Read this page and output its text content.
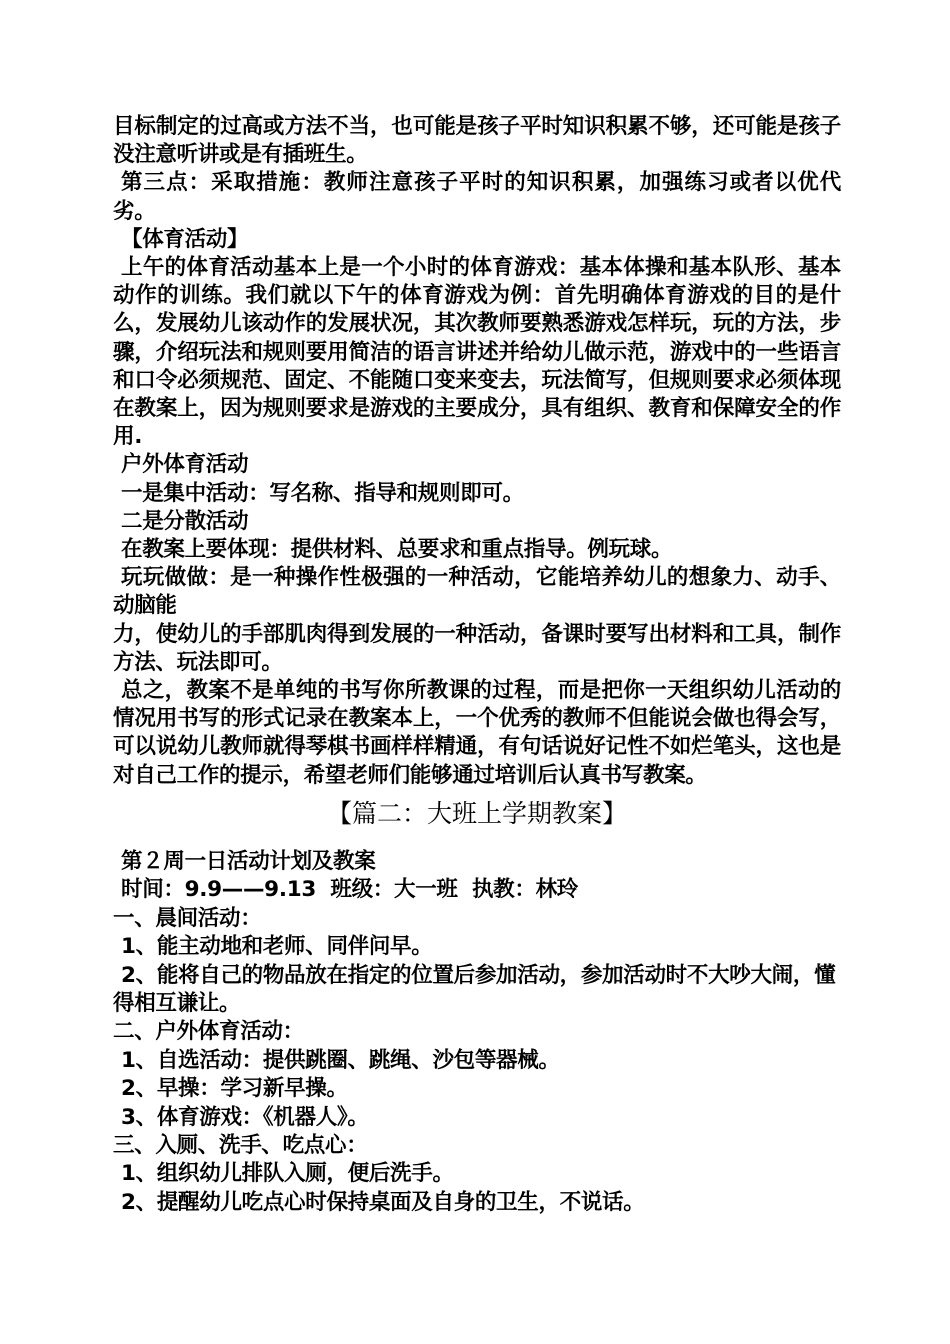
目标制定的过高或方法不当，也可能是孩子平时知识积累不够，还可能是孩子没注意听讲或是有插班生。

第三点：采取措施：教师注意孩子平时的知识积累，加强练习或者以优代劣。

【体育活动】

上午的体育活动基本上是一个小时的体育游戏：基本体操和基本队形、基本动作的训练。我们就以下午的体育游戏为例：首先明确体育游戏的目的是什么，发展幼儿该动作的发展状况，其次教师要熟悉游戏怎样玩，玩的方法，步骤，介绍玩法和规则要用简洁的语言讲述并给幼儿做示范，游戏中的一些语言和口令必须规范、固定、不能随口变来变去，玩法简写，但规则要求必须体现在教案上，因为规则要求是游戏的主要成分，具有组织、教育和保障安全的作用.

户外体育活动

一是集中活动：写名称、指导和规则即可。

二是分散活动

在教案上要体现：提供材料、总要求和重点指导。例玩球。

玩玩做做：是一种操作性极强的一种活动，它能培养幼儿的想象力、动手、动脑能

力，使幼儿的手部肌肉得到发展的一种活动，备课时要写出材料和工具，制作方法、玩法即可。

总之，教案不是单纯的书写你所教课的过程，而是把你一天组织幼儿活动的情况用书写的形式记录在教案本上，一个优秀的教师不但能说会做也得会写，可以说幼儿教师就得琴棋书画样样精通，有句话说好记性不如烂笔头，这也是对自己工作的提示，希望老师们能够通过培训后认真书写教案。

【篇二：大班上学期教案】

第２周一日活动计划及教案

时间：9.9——9.13  班级：大一班  执教：林玲

一、晨间活动：

1、能主动地和老师、同伴问早。

2、能将自己的物品放在指定的位置后参加活动，参加活动时不大吵大闹，懂得相互谦让。

二、户外体育活动：

1、自选活动：提供跳圈、跳绳、沙包等器械。

2、早操：学习新早操。

3、体育游戏：《机器人》。

三、入厕、洗手、吃点心：

1、组织幼儿排队入厕，便后洗手。

2、提醒幼儿吃点心时保持桌面及自身的卫生，不说话。
